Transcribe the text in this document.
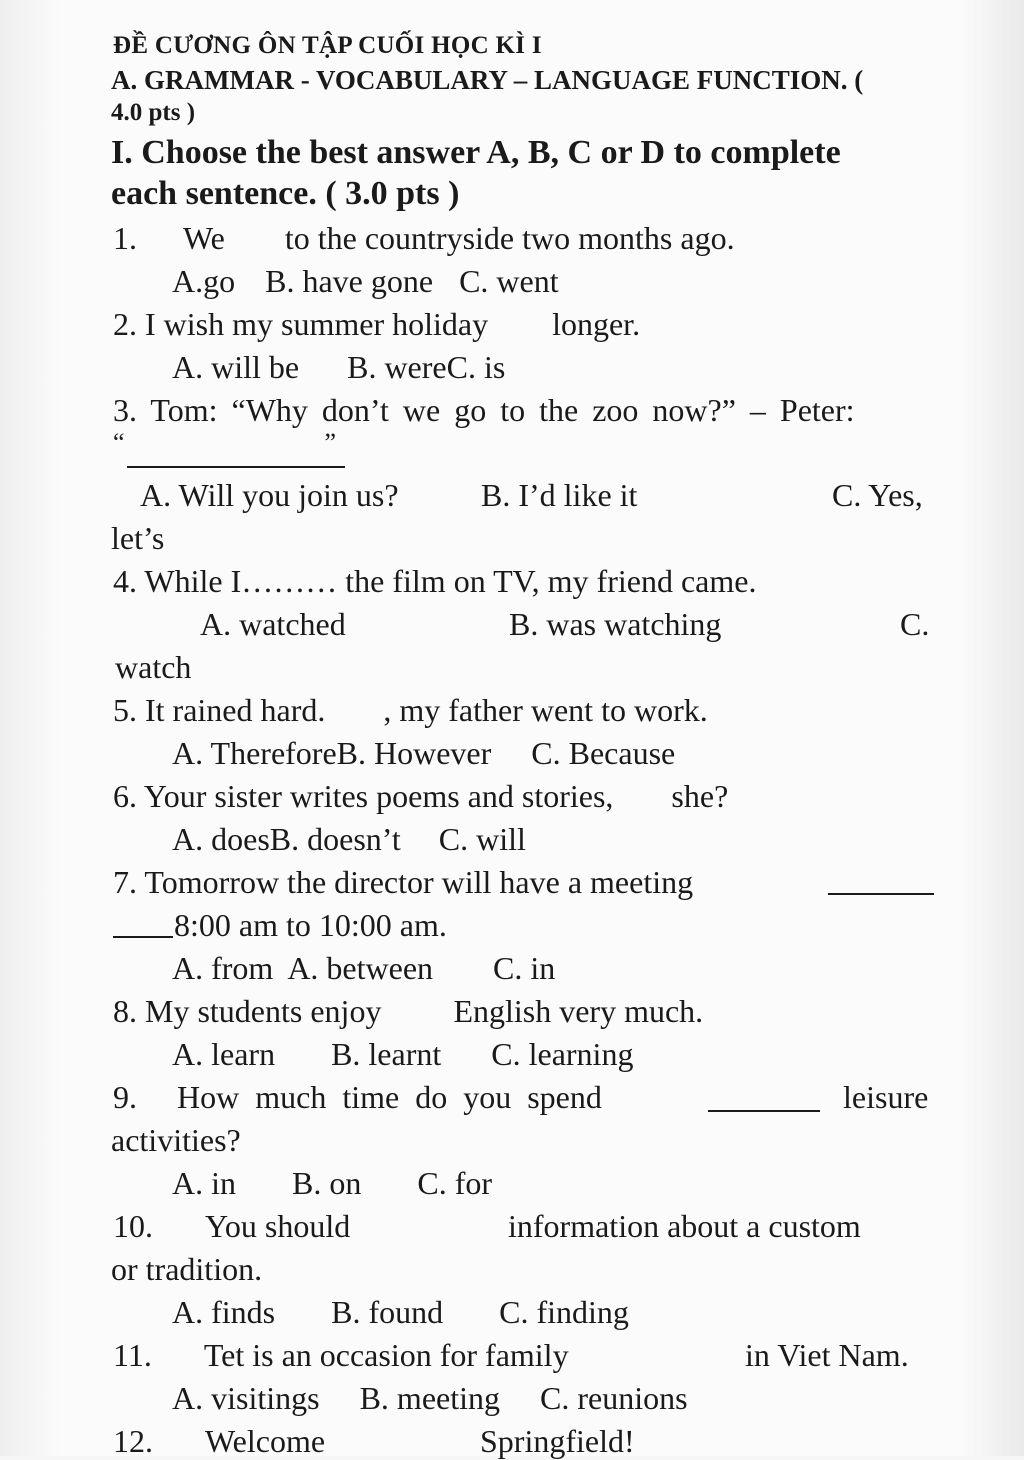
ĐỀ CƯƠNG ÔN TẬP CUỐI HỌC KÌ I
A. GRAMMAR - VOCABULARY – LANGUAGE FUNCTION. (
4.0 pts )
I. Choose the best answer A, B, C or D to complete
each sentence. ( 3.0 pts )
1. We to the countryside two months ago.
A.go B. have gone C. went
2. I wish my summer holiday longer.
A. will be B. wereC. is
3. Tom: “Why don’t we go to the zoo now?” – Peter:
“	”
A. Will you join us?	B. I’d like it	C. Yes,
let’s
4. While I……… the film on TV, my friend came.
A. watched	B. was watching	C.
watch
5. It rained hard. , my father went to work.
A. ThereforeB. However C. Because
6. Your sister writes poems and stories, she?
A. doesB. doesn’t C. will
7. Tomorrow the director will have a meeting
8:00 am to 10:00 am.
A. from A. between C. in
8. My students enjoy English very much.
A. learn B. learnt C. learning
9. How much time do you spend	leisure
activities?
A. in B. on C. for
10. You should	information about a custom
or tradition.
A. finds B. found C. finding
11. Tet is an occasion for family	in Viet Nam.
A. visitings B. meeting C. reunions
12. Welcome	Springfield!
